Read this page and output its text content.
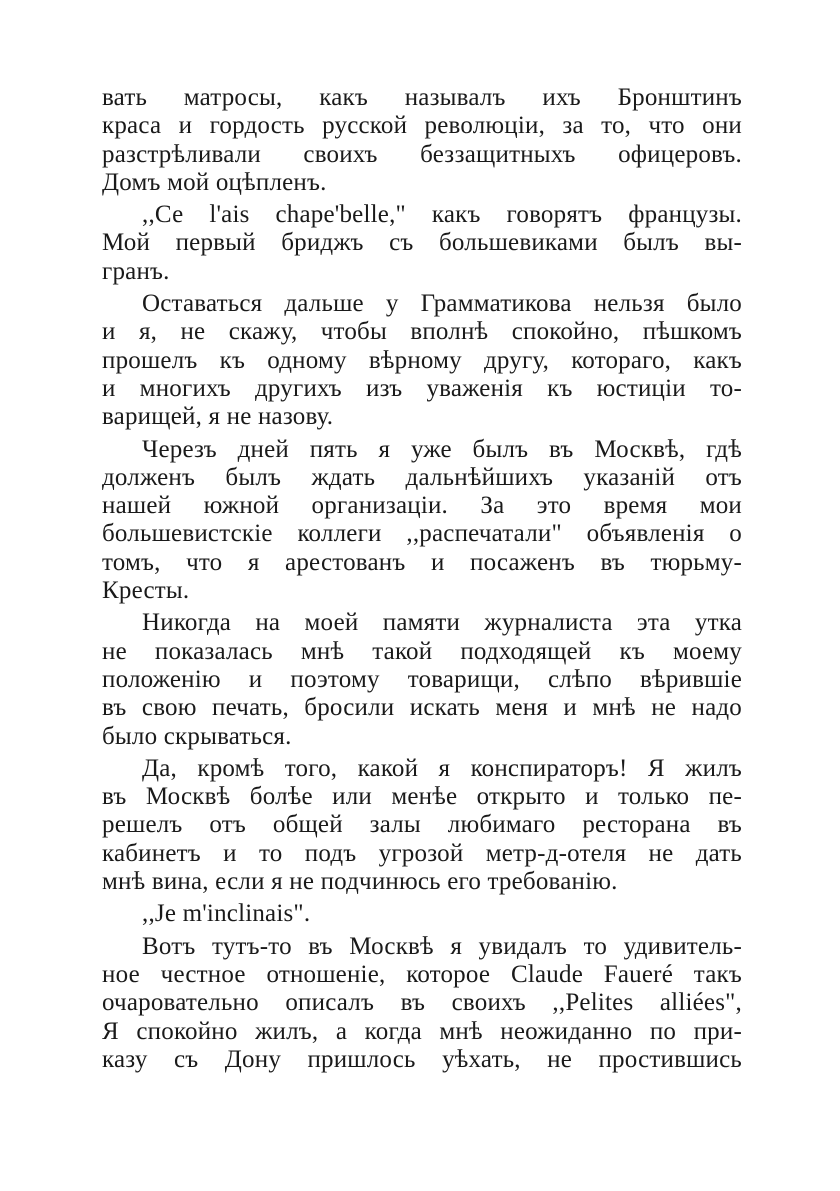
вать матросы, какъ называлъ ихъ Бронштинъ
краса и гордость русской революціи, за то, что они
разстрѣливали своихъ беззащитныхъ офицеровъ.
Домъ мой оцѣпленъ.
,,Се l'ais chape'belle," какъ говорятъ французы.
Мой первый бриджъ съ большевиками былъ вы-
гранъ.
Оставаться дальше у Грамматикова нельзя было
и я, не скажу, чтобы вполнѣ спокойно, пѣшкомъ
прошелъ къ одному вѣрному другу, котораго, какъ
и многихъ другихъ изъ уваженія къ юстиціи то-
варищей, я не назову.
Черезъ дней пять я уже былъ въ Москвѣ, гдѣ
долженъ былъ ждать дальнѣйшихъ указаній отъ
нашей южной организаціи. За это время мои
большевистскіе коллеги ,,распечатали" объявленія о
томъ, что я арестованъ и посаженъ въ тюрьму-
Кресты.
Никогда на моей памяти журналиста эта утка
не показалась мнѣ такой подходящей къ моему
положенію и поэтому товарищи, слѣпо вѣрившіе
въ свою печать, бросили искать меня и мнѣ не надо
было скрываться.
Да, кромѣ того, какой я конспираторъ! Я жилъ
въ Москвѣ болѣе или менѣе открыто и только пе-
решелъ отъ общей залы любимаго ресторана въ
кабинетъ и то подъ угрозой метр-д-отеля не дать
мнѣ вина, если я не подчинюсь его требованію.
,,Je m'inclinais".
Вотъ тутъ-то въ Москвѣ я увидалъ то удивитель-
ное честное отношеніе, которое Claude Faueré такъ
очаровательно описалъ въ своихъ ,,Pelites alliées",
Я спокойно жилъ, а когда мнѣ неожиданно по при-
казу съ Дону пришлось уѣхать, не простившись
